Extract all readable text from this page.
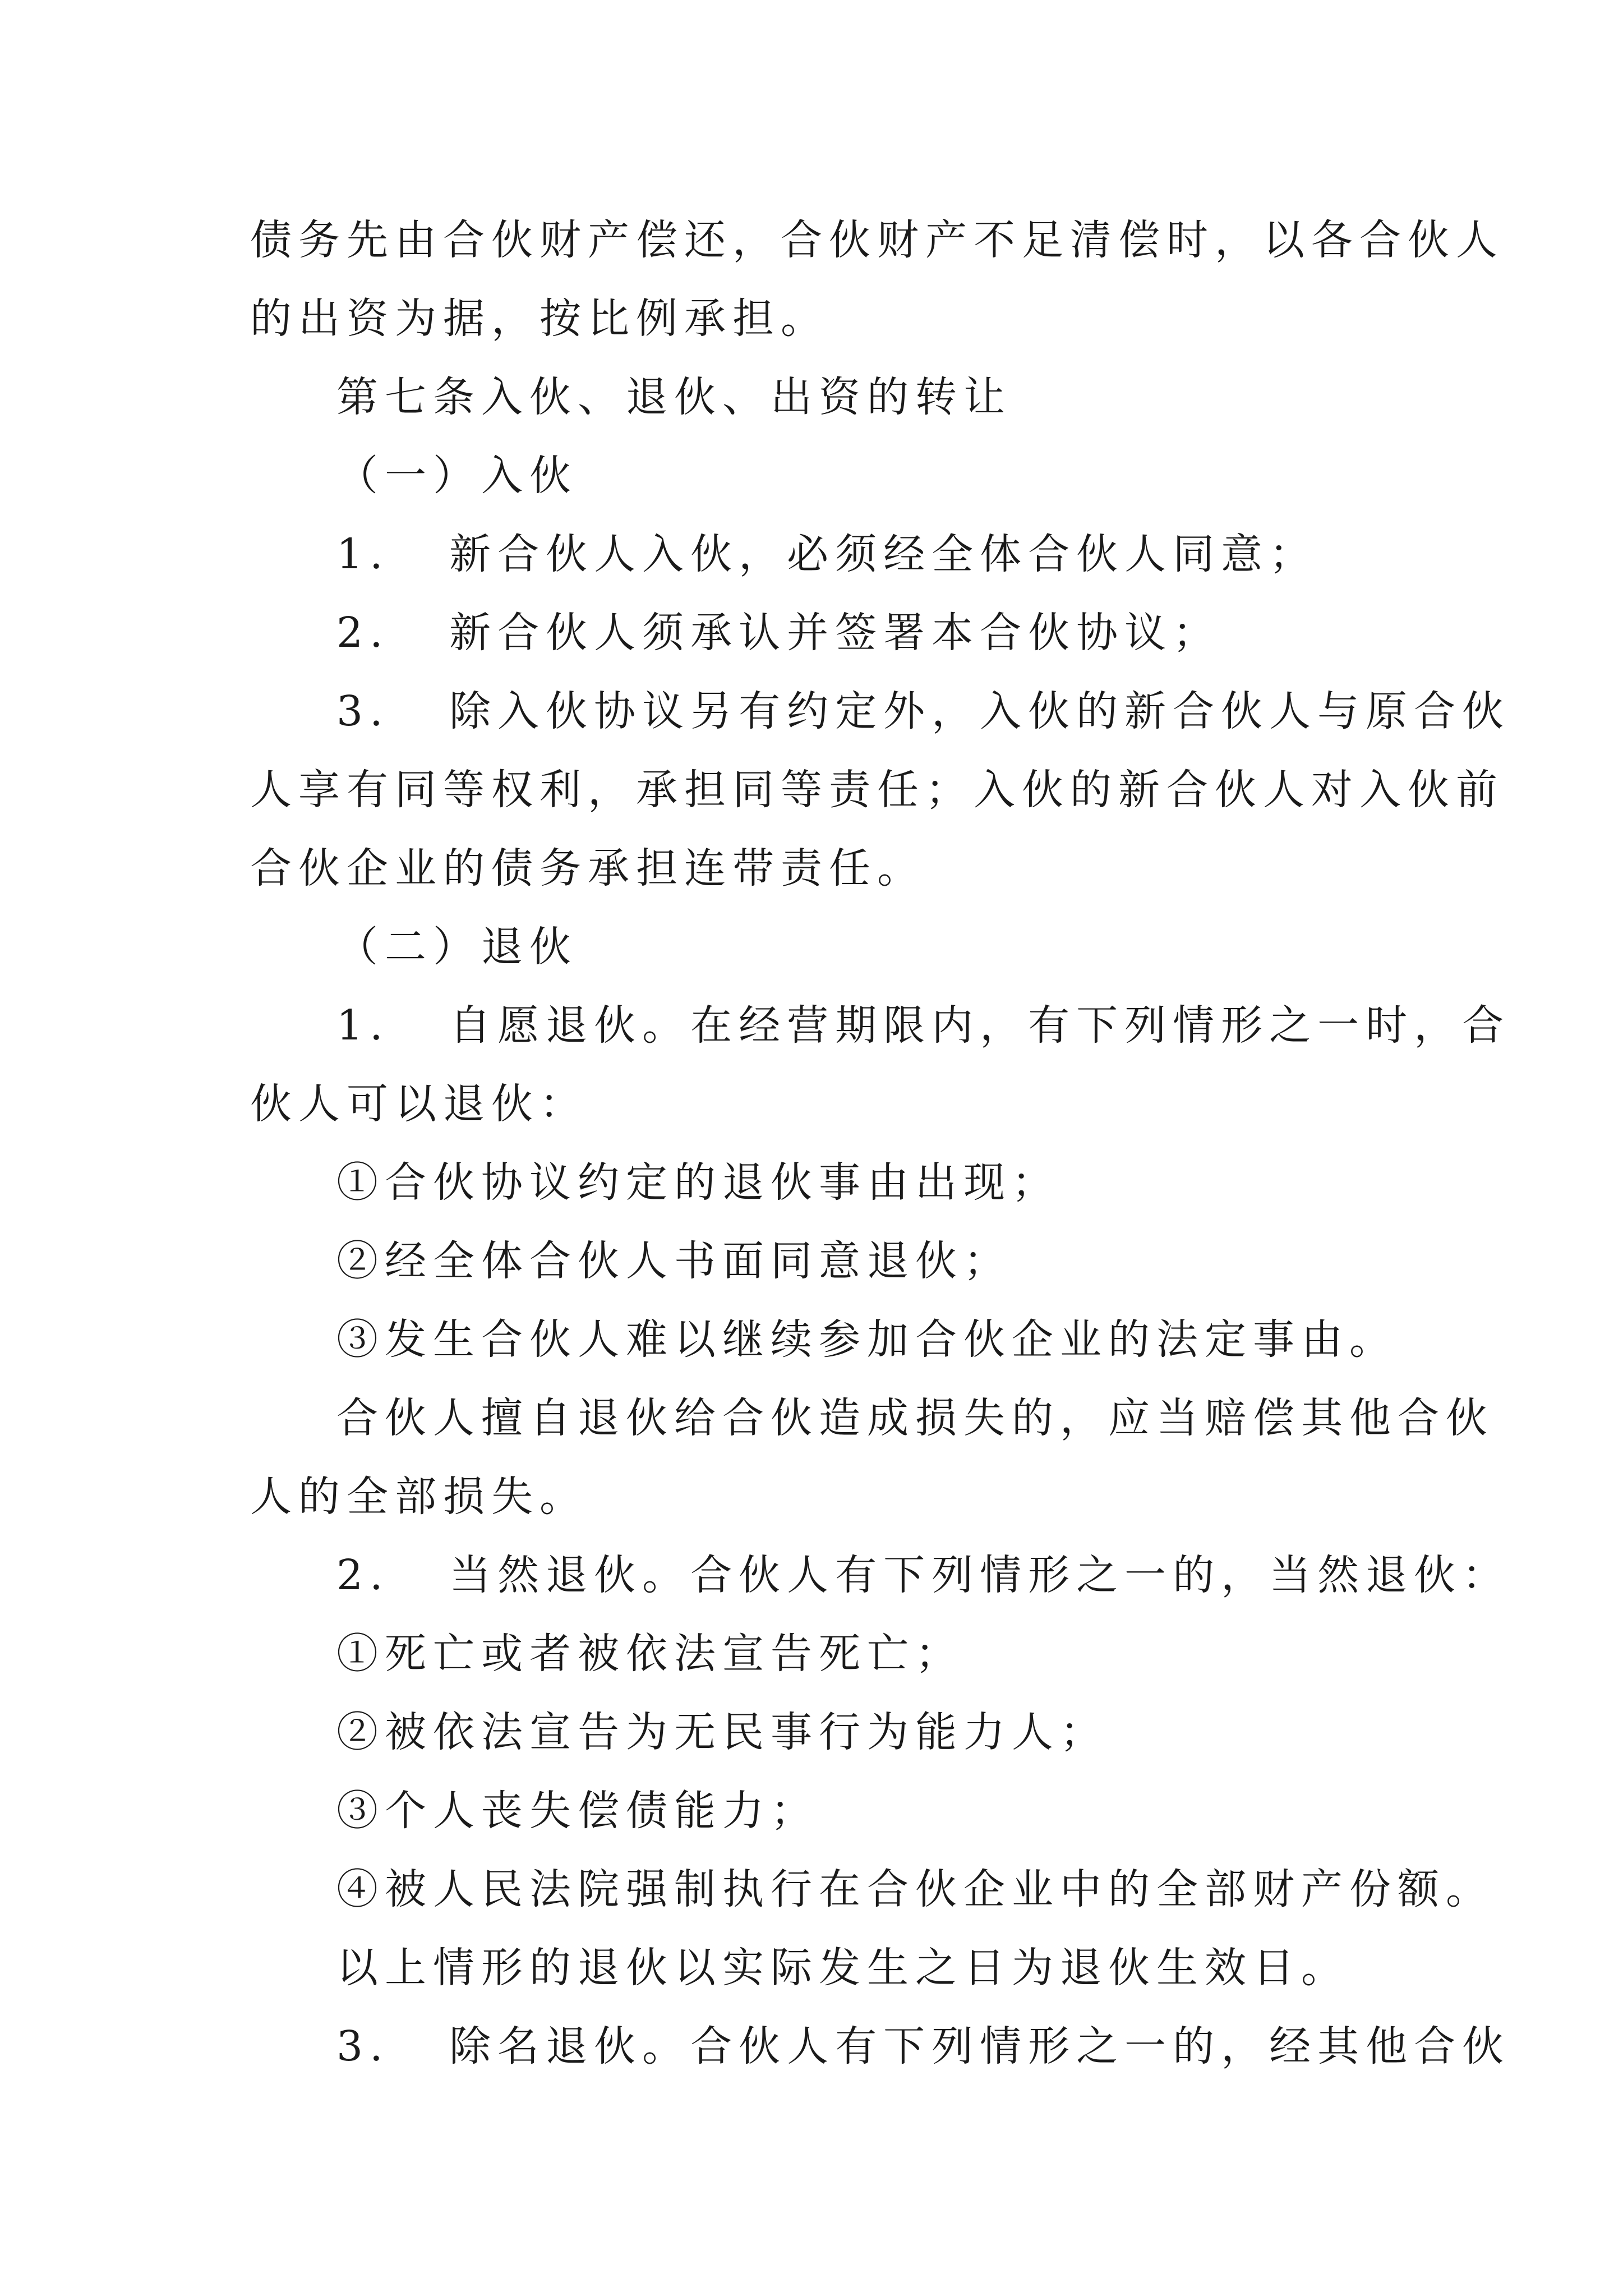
债务先由合伙财产偿还，合伙财产不足清偿时，以各合伙人
的出资为据，按比例承担。
第七条入伙、退伙、出资的转让
（一）入伙
1.   新合伙人入伙，必须经全体合伙人同意；
2.   新合伙人须承认并签署本合伙协议；
3.   除入伙协议另有约定外，入伙的新合伙人与原合伙
人享有同等权利，承担同等责任；入伙的新合伙人对入伙前
合伙企业的债务承担连带责任。
（二）退伙
1.   自愿退伙。在经营期限内，有下列情形之一时，合
伙人可以退伙：
①合伙协议约定的退伙事由出现；
②经全体合伙人书面同意退伙；
③发生合伙人难以继续参加合伙企业的法定事由。
合伙人擅自退伙给合伙造成损失的，应当赔偿其他合伙
人的全部损失。
2.   当然退伙。合伙人有下列情形之一的，当然退伙：
①死亡或者被依法宣告死亡；
②被依法宣告为无民事行为能力人；
③个人丧失偿债能力；
④被人民法院强制执行在合伙企业中的全部财产份额。
以上情形的退伙以实际发生之日为退伙生效日。
3.   除名退伙。合伙人有下列情形之一的，经其他合伙
